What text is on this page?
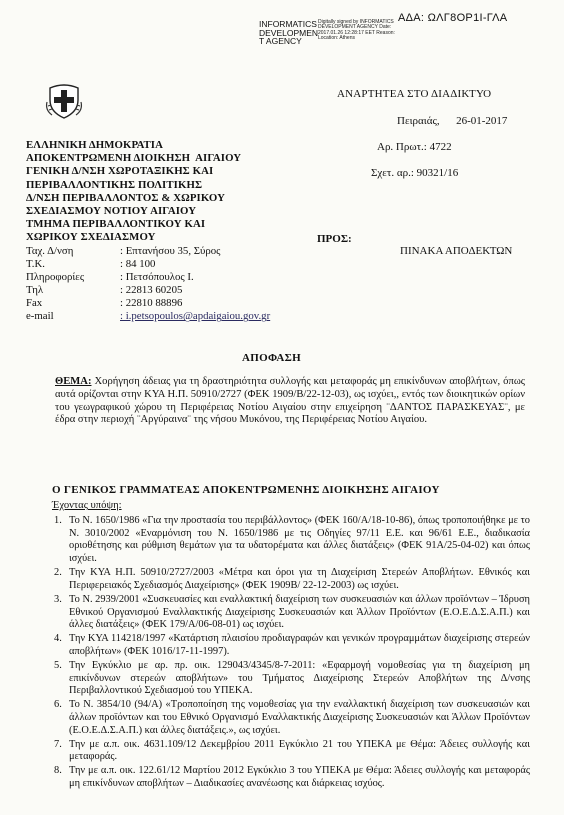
INFORMATICS DEVELOPMEN T AGENCY
Digitally signed by INFORMATICS DEVELOPMENT AGENCY Date: 2017.01.26 12:28:17 EET Reason: Location: Athens
ΑΔΑ: ΩΛΓ8ΟΡ1Ι-ΓΛΑ
ΑΝΑΡΤΗΤΕΑ ΣΤΟ ΔΙΑΔΙΚΤΥΟ
Πειραιάς,      26-01-2017
Αρ. Πρωτ.: 4722
Σχετ. αρ.: 90321/16
ΕΛΛΗΝΙΚΗ ΔΗΜΟΚΡΑΤΙΑ
ΑΠΟΚΕΝΤΡΩΜΕΝΗ ΔΙΟΙΚΗΣΗ  ΑΙΓΑΙΟΥ
ΓΕΝΙΚΗ Δ/ΝΣΗ ΧΩΡΟΤΑΞΙΚΗΣ ΚΑΙ
ΠΕΡΙΒΑΛΛΟΝΤΙΚΗΣ ΠΟΛΙΤΙΚΗΣ
Δ/ΝΣΗ ΠΕΡΙΒΑΛΛΟΝΤΟΣ & ΧΩΡΙΚΟΥ
ΣΧΕΔΙΑΣΜΟΥ ΝΟΤΙΟΥ ΑΙΓΑΙΟΥ
ΤΜΗΜΑ ΠΕΡΙΒΑΛΛΟΝΤΙΚΟΥ ΚΑΙ
ΧΩΡΙΚΟΥ ΣΧΕΔΙΑΣΜΟΥ
Ταχ. Δ/νση	: Επτανήσου 35, Σύρος
Τ.Κ.	: 84 100
Πληροφορίες	: Πετσόπουλος Ι.
Τηλ	: 22813 60205
Fax	: 22810 88896
e-mail	: i.petsopoulos@apdaigaiou.gov.gr
ΠΡΟΣ:
ΠΙΝΑΚΑ ΑΠΟΔΕΚΤΩΝ
ΑΠΟΦΑΣΗ
ΘΕΜΑ: Χορήγηση άδειας για τη δραστηριότητα συλλογής και μεταφοράς μη επικίνδυνων αποβλήτων, όπως αυτά ορίζονται στην ΚΥΑ Η.Π. 50910/2727 (ΦΕΚ 1909/Β/22-12-03), ως ισχύει,, εντός των διοικητικών ορίων του γεωγραφικού χώρου τη Περιφέρειας Νοτίου Αιγαίου στην επιχείρηση ¨ΔΑΝΤΟΣ ΠΑΡΑΣΚΕΥΑΣ¨, με έδρα στην περιοχή ¨Αργύραινα¨ της νήσου Μυκόνου, της Περιφέρειας Νοτίου Αιγαίου.
Ο ΓΕΝΙΚΟΣ ΓΡΑΜΜΑΤΕΑΣ ΑΠΟΚΕΝΤΡΩΜΕΝΗΣ ΔΙΟΙΚΗΣΗΣ ΑΙΓΑΙΟΥ
Έχοντας υπόψη:
1. Το Ν. 1650/1986 «Για την προστασία του περιβάλλοντος» (ΦΕΚ 160/Α/18-10-86), όπως τροποποιήθηκε με το Ν. 3010/2002 «Εναρμόνιση του Ν. 1650/1986 με τις Οδηγίες 97/11 Ε.Ε. και 96/61 Ε.Ε., διαδικασία οριοθέτησης και ρύθμιση θεμάτων για τα υδατορέματα και άλλες διατάξεις» (ΦΕΚ 91Α/25-04-02) και όπως ισχύει.
2. Την ΚΥΑ Η.Π. 50910/2727/2003 «Μέτρα και όροι για τη Διαχείριση Στερεών Αποβλήτων. Εθνικός και Περιφερειακός Σχεδιασμός Διαχείρισης» (ΦΕΚ 1909Β/ 22-12-2003) ως ισχύει.
3. Το Ν. 2939/2001 «Συσκευασίες και εναλλακτική διαχείριση των συσκευασιών και άλλων προϊόντων – Ίδρυση Εθνικού Οργανισμού Εναλλακτικής Διαχείρισης Συσκευασιών και Άλλων Προϊόντων (Ε.Ο.Ε.Δ.Σ.Α.Π.) και άλλες διατάξεις» (ΦΕΚ 179/Α/06-08-01) ως ισχύει.
4. Την ΚΥΑ 114218/1997 «Κατάρτιση πλαισίου προδιαγραφών και γενικών προγραμμάτων διαχείρισης στερεών αποβλήτων» (ΦΕΚ 1016/17-11-1997).
5. Την Εγκύκλιο με αρ. πρ. οικ. 129043/4345/8-7-2011: «Εφαρμογή νομοθεσίας για τη διαχείριση μη επικίνδυνων στερεών αποβλήτων» του Τμήματος Διαχείρισης Στερεών Αποβλήτων της Δ/νσης Περιβαλλοντικού Σχεδιασμού του ΥΠΕΚΑ.
6. Το Ν. 3854/10 (94/Α) «Τροποποίηση της νομοθεσίας για την εναλλακτική διαχείριση των συσκευασιών και άλλων προϊόντων και του Εθνικό Οργανισμό Εναλλακτικής Διαχείρισης Συσκευασιών και Άλλων Προϊόντων (Ε.Ο.Ε.Δ.Σ.Α.Π.) και άλλες διατάξεις.», ως ισχύει.
7. Την με α.π. οικ. 4631.109/12 Δεκεμβρίου 2011 Εγκύκλιο 21 του ΥΠΕΚΑ με Θέμα: Άδειες συλλογής και μεταφοράς.
8. Την με α.π. οικ. 122.61/12 Μαρτίου 2012 Εγκύκλιο 3 του ΥΠΕΚΑ με Θέμα: Άδειες συλλογής και μεταφοράς μη επικίνδυνων αποβλήτων – Διαδικασίες ανανέωσης και διάρκειας ισχύος.
